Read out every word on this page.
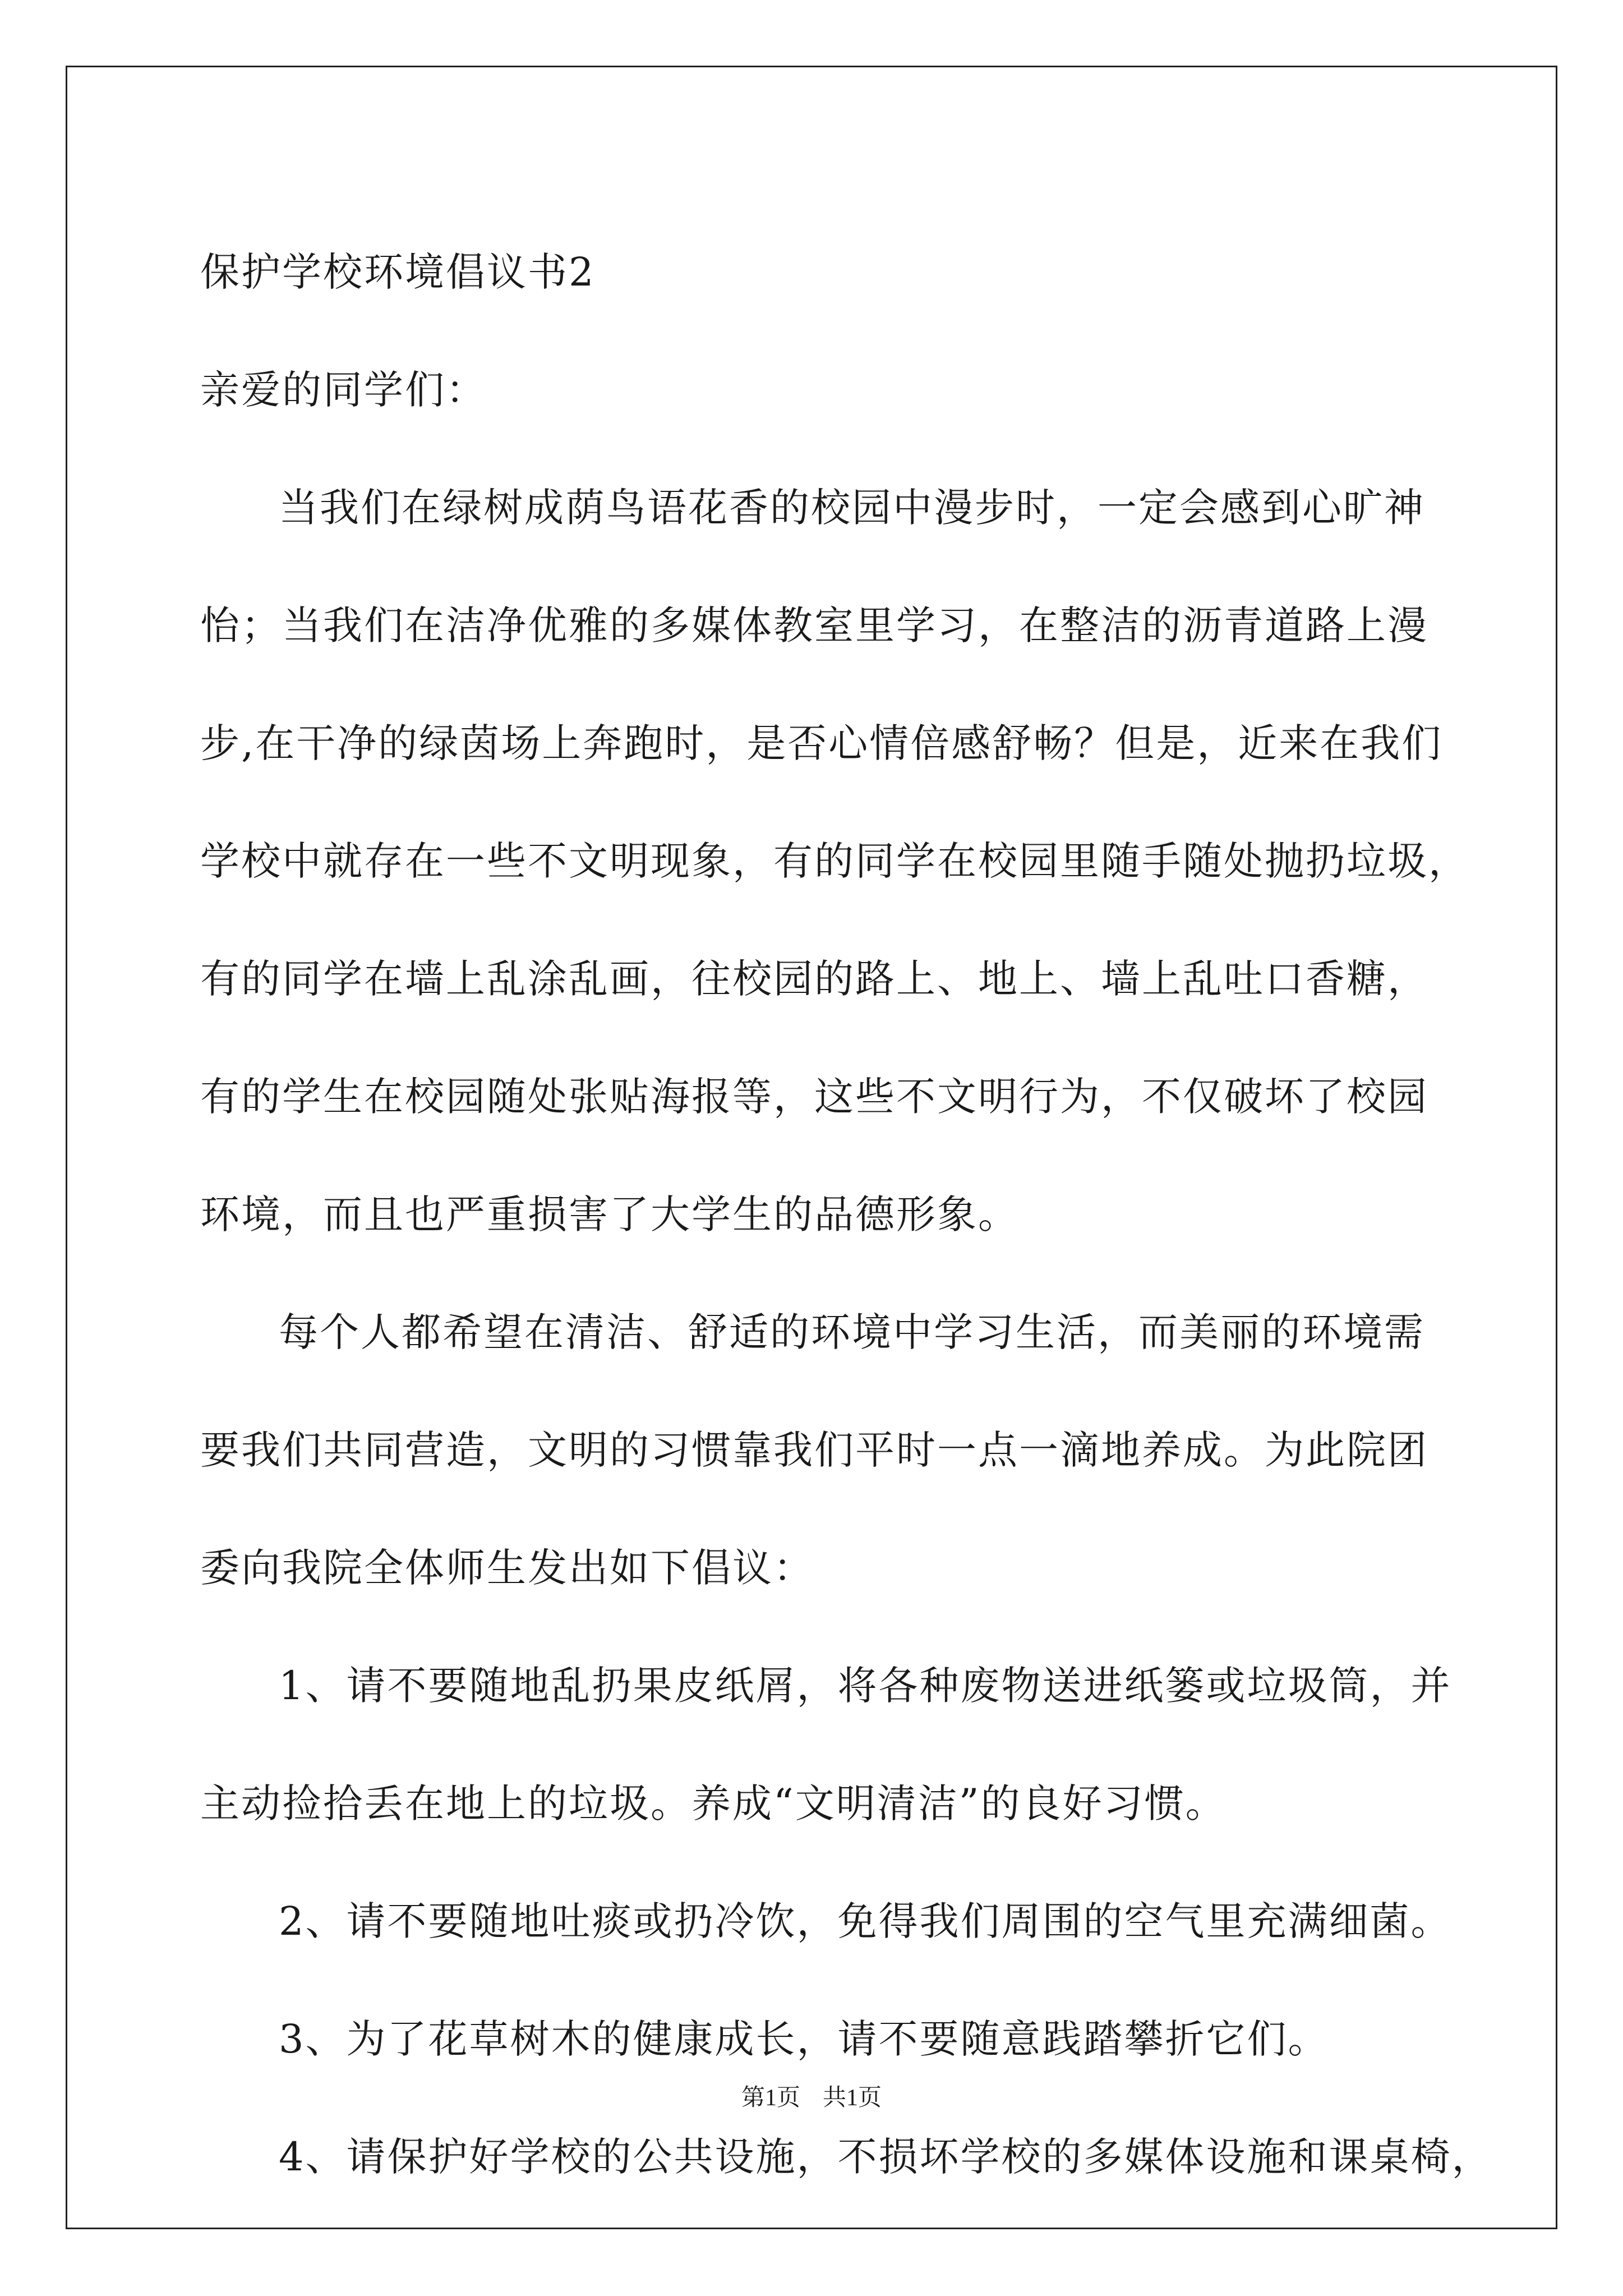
保护学校环境倡议书2
亲爱的同学们：
当我们在绿树成荫鸟语花香的校园中漫步时，一定会感到心旷神
怡；当我们在洁净优雅的多媒体教室里学习，在整洁的沥青道路上漫
步,在干净的绿茵场上奔跑时，是否心情倍感舒畅？但是，近来在我们
学校中就存在一些不文明现象，有的同学在校园里随手随处抛扔垃圾，
有的同学在墙上乱涂乱画，往校园的路上、地上、墙上乱吐口香糖，
有的学生在校园随处张贴海报等，这些不文明行为，不仅破坏了校园
环境，而且也严重损害了大学生的品德形象。
每个人都希望在清洁、舒适的环境中学习生活，而美丽的环境需
要我们共同营造，文明的习惯靠我们平时一点一滴地养成。为此院团
委向我院全体师生发出如下倡议：
1、请不要随地乱扔果皮纸屑，将各种废物送进纸篓或垃圾筒，并
主动捡拾丢在地上的垃圾。养成“文明清洁”的良好习惯。
2、请不要随地吐痰或扔冷饮，免得我们周围的空气里充满细菌。
3、为了花草树木的健康成长，请不要随意践踏攀折它们。
4、请保护好学校的公共设施，不损坏学校的多媒体设施和课桌椅，
第1页 共1页
